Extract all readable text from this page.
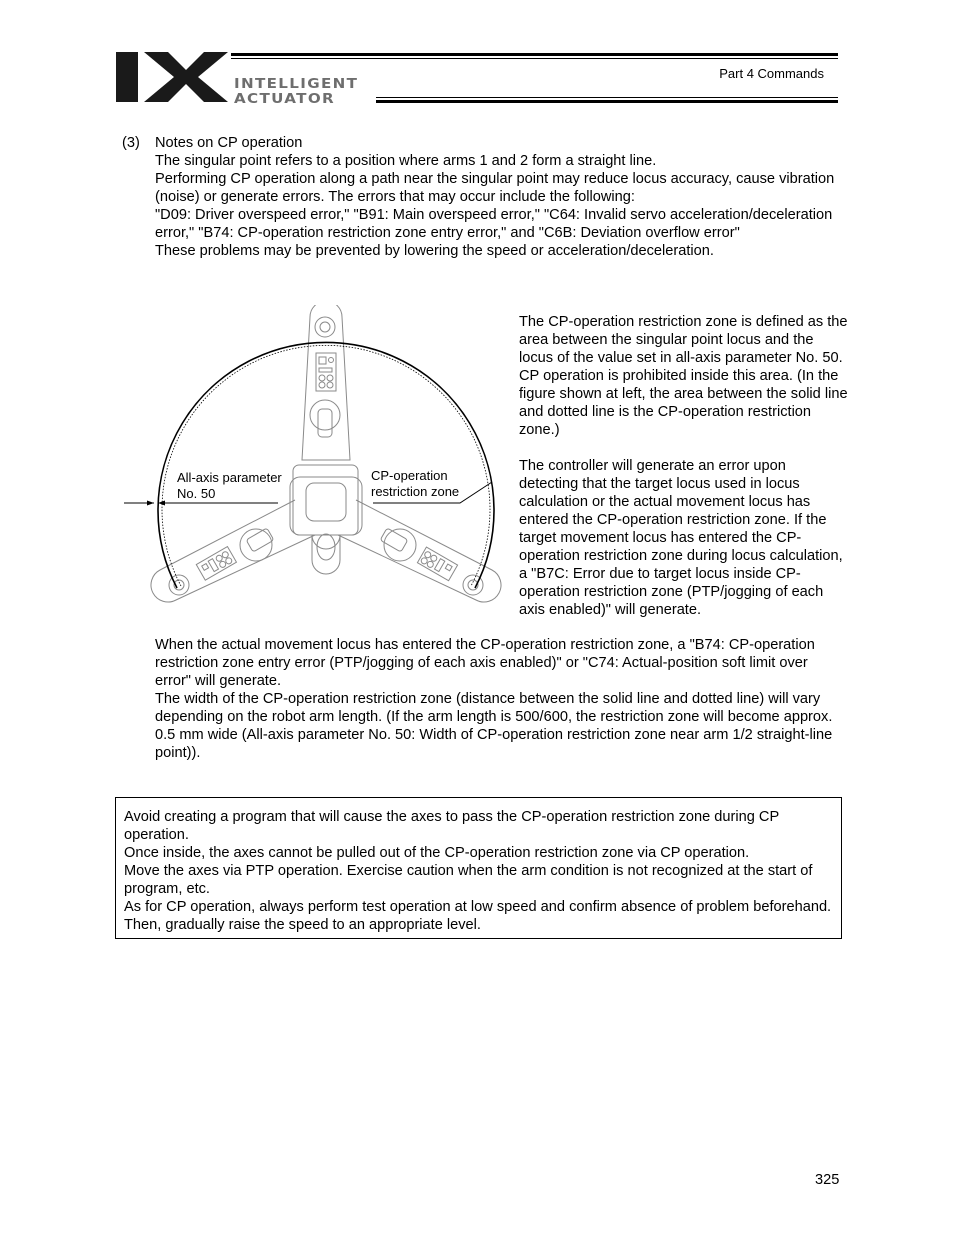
INTELLIGENT
ACTUATOR
Part 4 Commands
(3) Notes on CP operation

The singular point refers to a position where arms 1 and 2 form a straight line.

Performing CP operation along a path near the singular point may reduce locus accuracy, cause vibration (noise) or generate errors. The errors that may occur include the following:

"D09: Driver overspeed error," "B91: Main overspeed error," "C64: Invalid servo acceleration/deceleration error," "B74: CP-operation restriction zone entry error," and "C6B: Deviation overflow error"

These problems may be prevented by lowering the speed or acceleration/deceleration.

All-axis parameter
No. 50
CP-operation
restriction zone

The CP-operation restriction zone is defined as the area between the singular point locus and the locus of the value set in all-axis parameter No. 50. CP operation is prohibited inside this area. (In the figure shown at left, the area between the solid line and dotted line is the CP-operation restriction zone.)

The controller will generate an error upon detecting that the target locus used in locus calculation or the actual movement locus has entered the CP-operation restriction zone. If the target movement locus has entered the CP-operation restriction zone during locus calculation, a "B7C: Error due to target locus inside CP-operation restriction zone (PTP/jogging of each axis enabled)" will generate.

When the actual movement locus has entered the CP-operation restriction zone, a "B74: CP-operation restriction zone entry error (PTP/jogging of each axis enabled)" or "C74: Actual-position soft limit over error" will generate.

The width of the CP-operation restriction zone (distance between the solid line and dotted line) will vary depending on the robot arm length. (If the arm length is 500/600, the restriction zone will become approx. 0.5 mm wide (All-axis parameter No. 50: Width of CP-operation restriction zone near arm 1/2 straight-line point)).

Avoid creating a program that will cause the axes to pass the CP-operation restriction zone during CP operation.

Once inside, the axes cannot be pulled out of the CP-operation restriction zone via CP operation.

Move the axes via PTP operation. Exercise caution when the arm condition is not recognized at the start of program, etc.

As for CP operation, always perform test operation at low speed and confirm absence of problem beforehand. Then, gradually raise the speed to an appropriate level.

325
